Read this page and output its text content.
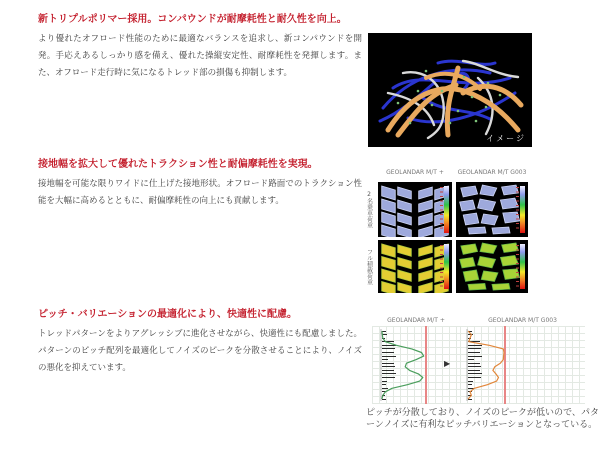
新トリプルポリマー採用。コンパウンドが耐摩耗性と耐久性を向上。
より優れたオフロード性能のために最適なバランスを追求し、新コンパウンドを開発。手応えあるしっかり感を備え、優れた操縦安定性、耐摩耗性を発揮します。また、オフロード走行時に気になるトレッド部の損傷も抑制します。
イメージ
接地幅を拡大して優れたトラクション性と耐偏摩耗性を実現。
接地幅を可能な限りワイドに仕上げた接地形状。オフロード路面でのトラクション性能を大幅に高めるとともに、耐偏摩耗性の向上にも貢献します。
GEOLANDAR M/T +	GEOLANDAR M/T G003
2名乗車荷重
フル積載荷重
ピッチ・バリエーションの最適化により、快適性に配慮。
トレッドパターンをよりアグレッシブに進化させながら、快適性にも配慮しました。パターンのピッチ配列を最適化してノイズのピークを分散させることにより、ノイズの悪化を抑えています。
GEOLANDAR M/T +	GEOLANDAR M/T G003
▶
ピッチが分散しており、ノイズのピークが低いので、パターンノイズに有利なピッチバリエーションとなっている。
